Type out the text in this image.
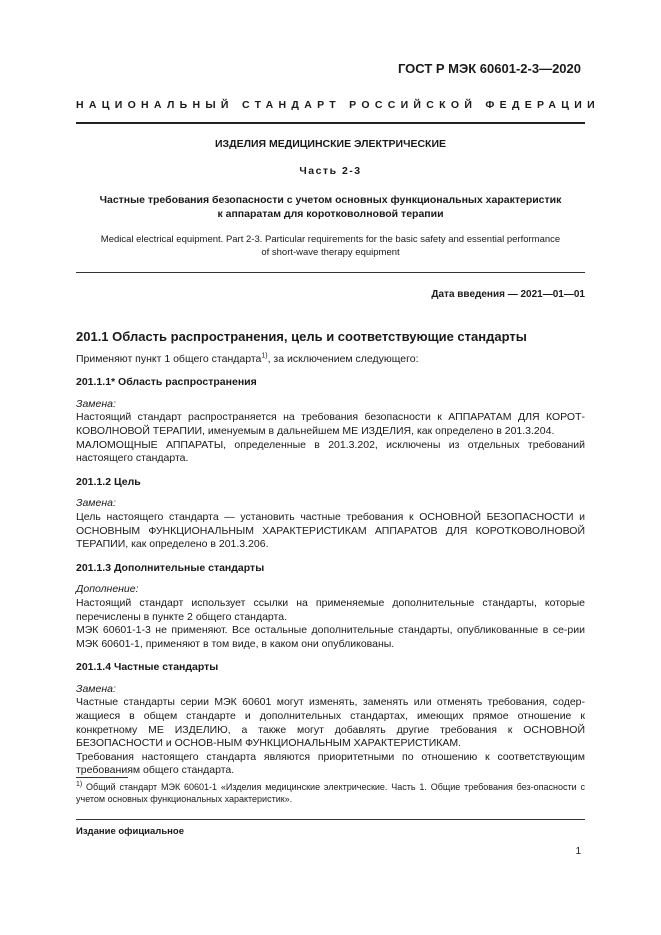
ГОСТ Р МЭК 60601-2-3—2020
НАЦИОНАЛЬНЫЙ СТАНДАРТ РОССИЙСКОЙ ФЕДЕРАЦИИ
ИЗДЕЛИЯ МЕДИЦИНСКИЕ ЭЛЕКТРИЧЕСКИЕ
Часть 2-3
Частные требования безопасности с учетом основных функциональных характеристик
к аппаратам для коротковолновой терапии
Medical electrical equipment. Part 2-3. Particular requirements for the basic safety and essential performance
of short-wave therapy equipment
Дата введения — 2021—01—01
201.1 Область распространения, цель и соответствующие стандарты

Применяют пункт 1 общего стандарта$^{1)}$, за исключением следующего:

201.1.1* Область распространения

Замена:

Настоящий стандарт распространяется на требования безопасности к АППАРАТАМ ДЛЯ КОРОТ-КОВОЛНОВОЙ ТЕРАПИИ, именуемым в дальнейшем МЕ ИЗДЕЛИЯ, как определено в 201.3.204.

МАЛОМОЩНЫЕ АППАРАТЫ, определенные в 201.3.202, исключены из отдельных требований настоящего стандарта.

201.1.2 Цель

Замена:

Цель настоящего стандарта — установить частные требования к ОСНОВНОЙ БЕЗОПАСНОСТИ и ОСНОВНЫМ ФУНКЦИОНАЛЬНЫМ ХАРАКТЕРИСТИКАМ АППАРАТОВ ДЛЯ КОРОТКОВОЛНОВОЙ ТЕРАПИИ, как определено в 201.3.206.

201.1.3 Дополнительные стандарты

Дополнение:

Настоящий стандарт использует ссылки на применяемые дополнительные стандарты, которые перечислены в пункте 2 общего стандарта.

МЭК 60601-1-3 не применяют. Все остальные дополнительные стандарты, опубликованные в се-рии МЭК 60601-1, применяют в том виде, в каком они опубликованы.

201.1.4 Частные стандарты

Замена:

Частные стандарты серии МЭК 60601 могут изменять, заменять или отменять требования, содер-жащиеся в общем стандарте и дополнительных стандартах, имеющих прямое отношение к конкретному МЕ ИЗДЕЛИЮ, а также могут добавлять другие требования к ОСНОВНОЙ БЕЗОПАСНОСТИ и ОСНОВ-НЫМ ФУНКЦИОНАЛЬНЫМ ХАРАКТЕРИСТИКАМ.

Требования настоящего стандарта являются приоритетными по отношению к соответствующим требованиям общего стандарта.

$^{1)}$ Общий стандарт МЭК 60601-1 «Изделия медицинские электрические. Часть 1. Общие требования без-опасности с учетом основных функциональных характеристик».
Издание официальное
1
